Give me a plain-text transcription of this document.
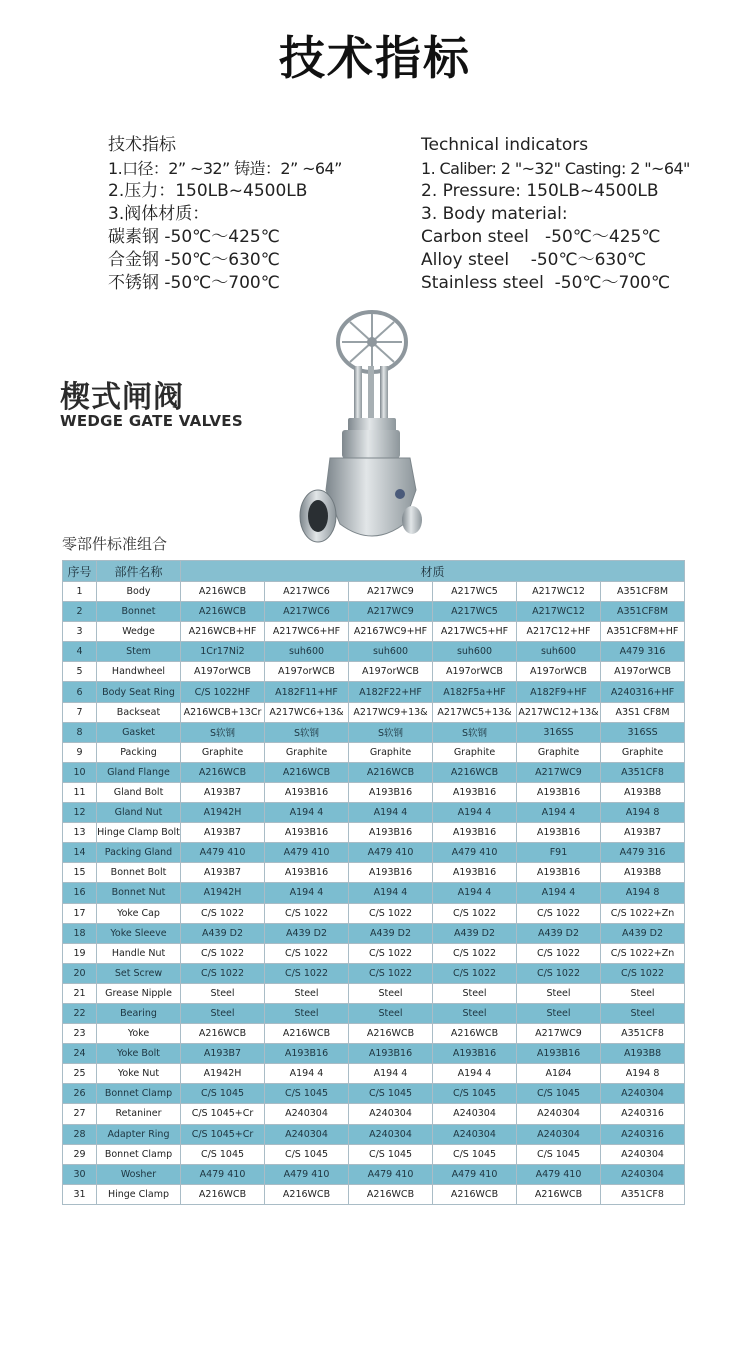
技术指标
技术指标
1.口径：2” ~32” 铸造：2” ~64”
2.压力：150LB~4500LB
3.阀体材质：
碳素钢 -50℃～425℃
合金钢 -50℃～630℃
不锈钢 -50℃～700℃
Technical indicators
1. Caliber: 2 "~32" Casting: 2 "~64"
2. Pressure: 150LB~4500LB
3. Body material:
Carbon steel   -50℃～425℃
Alloy steel    -50℃～630℃
Stainless steel  -50℃～700℃
楔式闸阀
WEDGE GATE VALVES
零部件标准组合
序号	部件名称	材质					
1	Body	A216WCB	A217WC6	A217WC9	A217WC5	A217WC12	A351CF8M
2	Bonnet	A216WCB	A217WC6	A217WC9	A217WC5	A217WC12	A351CF8M
3	Wedge	A216WCB+HF	A217WC6+HF	A2167WC9+HF	A217WC5+HF	A217C12+HF	A351CF8M+HF
4	Stem	1Cr17Ni2	suh600	suh600	suh600	suh600	A479 316
5	Handwheel	A197orWCB	A197orWCB	A197orWCB	A197orWCB	A197orWCB	A197orWCB
6	Body Seat Ring	C/S 1022HF	A182F11+HF	A182F22+HF	A182F5a+HF	A182F9+HF	A240316+HF
7	Backseat	A216WCB+13Cr	A217WC6+13&	A217WC9+13&	A217WC5+13&	A217WC12+13&	A3S1 CF8M
8	Gasket	S软钢	S软钢	S软钢	S软钢	316SS	316SS
9	Packing	Graphite	Graphite	Graphite	Graphite	Graphite	Graphite
10	Gland Flange	A216WCB	A216WCB	A216WCB	A216WCB	A217WC9	A351CF8
11	Gland Bolt	A193B7	A193B16	A193B16	A193B16	A193B16	A193B8
12	Gland Nut	A1942H	A194 4	A194 4	A194 4	A194 4	A194 8
13	Hinge Clamp Bolt	A193B7	A193B16	A193B16	A193B16	A193B16	A193B7
14	Packing Gland	A479 410	A479 410	A479 410	A479 410	F91	A479 316
15	Bonnet Bolt	A193B7	A193B16	A193B16	A193B16	A193B16	A193B8
16	Bonnet Nut	A1942H	A194 4	A194 4	A194 4	A194 4	A194 8
17	Yoke Cap	C/S 1022	C/S 1022	C/S 1022	C/S 1022	C/S 1022	C/S 1022+Zn
18	Yoke Sleeve	A439 D2	A439 D2	A439 D2	A439 D2	A439 D2	A439 D2
19	Handle Nut	C/S 1022	C/S 1022	C/S 1022	C/S 1022	C/S 1022	C/S 1022+Zn
20	Set Screw	C/S 1022	C/S 1022	C/S 1022	C/S 1022	C/S 1022	C/S 1022
21	Grease Nipple	Steel	Steel	Steel	Steel	Steel	Steel
22	Bearing	Steel	Steel	Steel	Steel	Steel	Steel
23	Yoke	A216WCB	A216WCB	A216WCB	A216WCB	A217WC9	A351CF8
24	Yoke Bolt	A193B7	A193B16	A193B16	A193B16	A193B16	A193B8
25	Yoke Nut	A1942H	A194 4	A194 4	A194 4	A1Ø4	A194 8
26	Bonnet Clamp	C/S 1045	C/S 1045	C/S 1045	C/S 1045	C/S 1045	A240304
27	Retaniner	C/S 1045+Cr	A240304	A240304	A240304	A240304	A240316
28	Adapter Ring	C/S 1045+Cr	A240304	A240304	A240304	A240304	A240316
29	Bonnet Clamp	C/S 1045	C/S 1045	C/S 1045	C/S 1045	C/S 1045	A240304
30	Wosher	A479 410	A479 410	A479 410	A479 410	A479 410	A240304
31	Hinge Clamp	A216WCB	A216WCB	A216WCB	A216WCB	A216WCB	A351CF8
